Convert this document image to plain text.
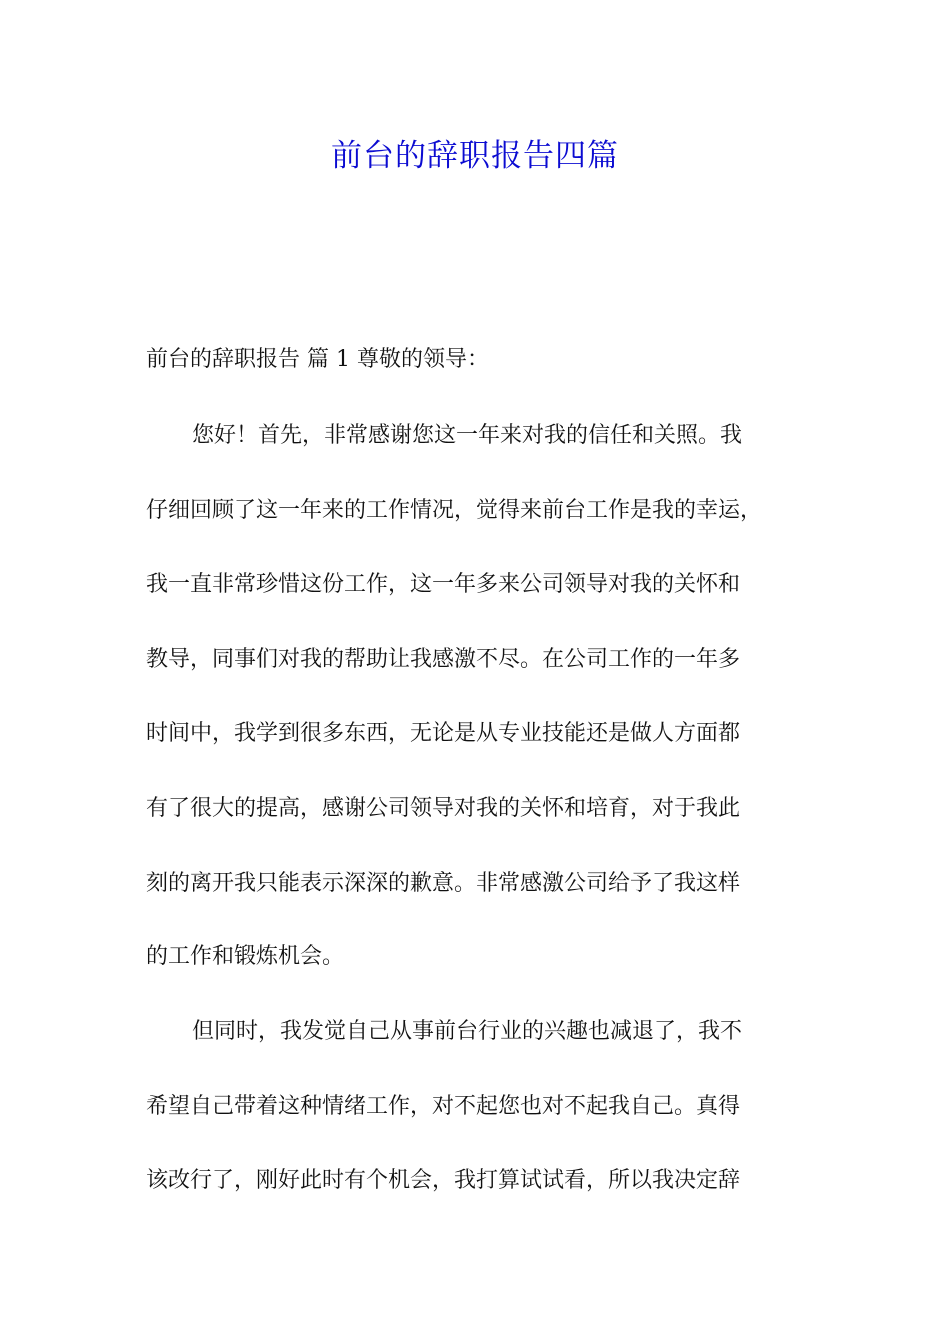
前台的辞职报告四篇
前台的辞职报告 篇 1 尊敬的领导：
您好！首先，非常感谢您这一年来对我的信任和关照。我
仔细回顾了这一年来的工作情况，觉得来前台工作是我的幸运，
我一直非常珍惜这份工作，这一年多来公司领导对我的关怀和
教导，同事们对我的帮助让我感激不尽。在公司工作的一年多
时间中，我学到很多东西，无论是从专业技能还是做人方面都
有了很大的提高，感谢公司领导对我的关怀和培育，对于我此
刻的离开我只能表示深深的歉意。非常感激公司给予了我这样
的工作和锻炼机会。
但同时，我发觉自己从事前台行业的兴趣也减退了，我不
希望自己带着这种情绪工作，对不起您也对不起我自己。真得
该改行了，刚好此时有个机会，我打算试试看，所以我决定辞
